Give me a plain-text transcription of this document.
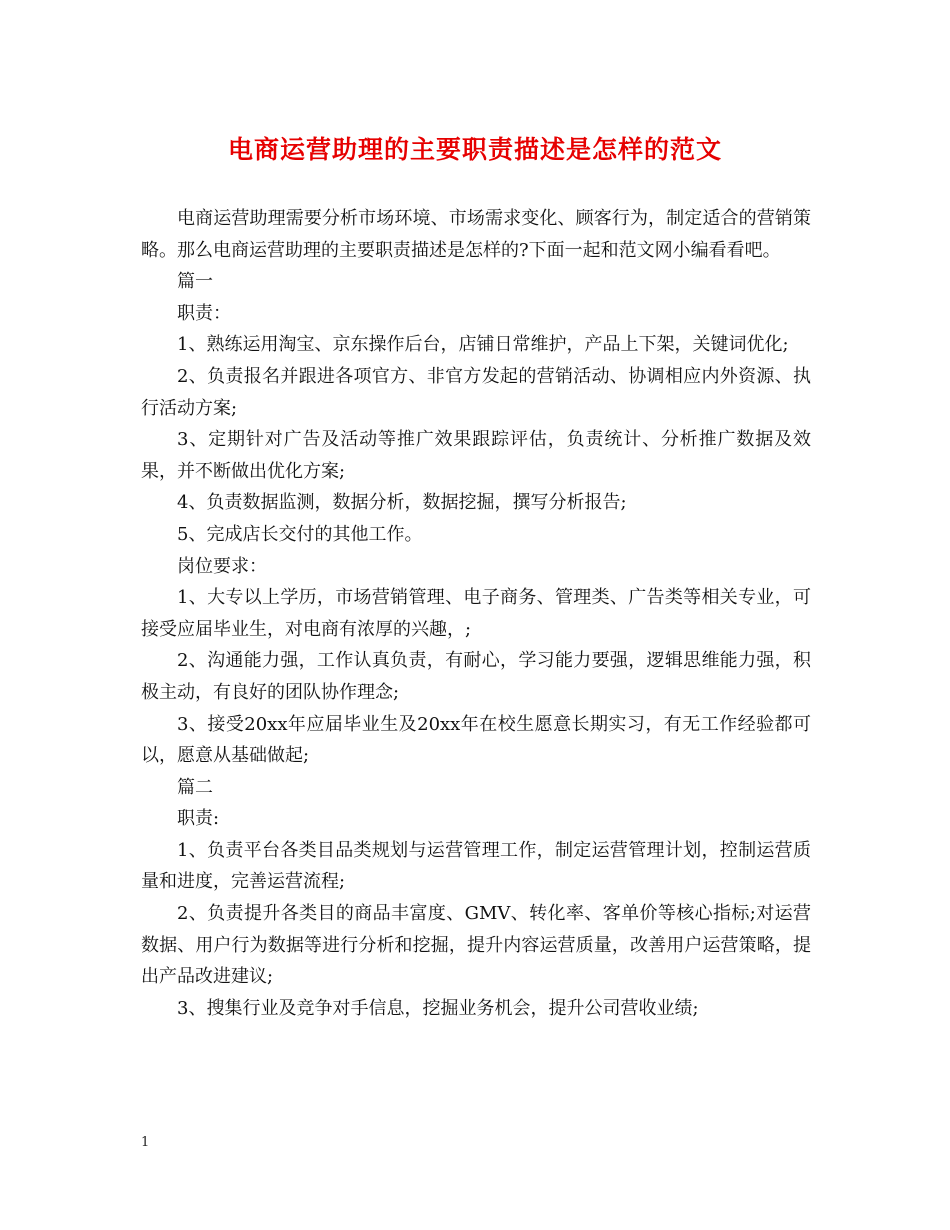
电商运营助理的主要职责描述是怎样的范文

电商运营助理需要分析市场环境、市场需求变化、顾客行为，制定适合的营销策略。那么电商运营助理的主要职责描述是怎样的?下面一起和范文网小编看看吧。

篇一

职责：

1、熟练运用淘宝、京东操作后台，店铺日常维护，产品上下架，关键词优化;

2、负责报名并跟进各项官方、非官方发起的营销活动、协调相应内外资源、执行活动方案;

3、定期针对广告及活动等推广效果跟踪评估，负责统计、分析推广数据及效果，并不断做出优化方案;

4、负责数据监测，数据分析，数据挖掘，撰写分析报告;

5、完成店长交付的其他工作。

岗位要求：

1、大专以上学历，市场营销管理、电子商务、管理类、广告类等相关专业，可接受应届毕业生，对电商有浓厚的兴趣，;

2、沟通能力强，工作认真负责，有耐心，学习能力要强，逻辑思维能力强，积极主动，有良好的团队协作理念;

3、接受20xx年应届毕业生及20xx年在校生愿意长期实习，有无工作经验都可以，愿意从基础做起;

篇二

职责:

1、负责平台各类目品类规划与运营管理工作，制定运营管理计划，控制运营质量和进度，完善运营流程;

2、负责提升各类目的商品丰富度、GMV、转化率、客单价等核心指标;对运营数据、用户行为数据等进行分析和挖掘，提升内容运营质量，改善用户运营策略，提出产品改进建议;

3、搜集行业及竞争对手信息，挖掘业务机会，提升公司营收业绩;

1
